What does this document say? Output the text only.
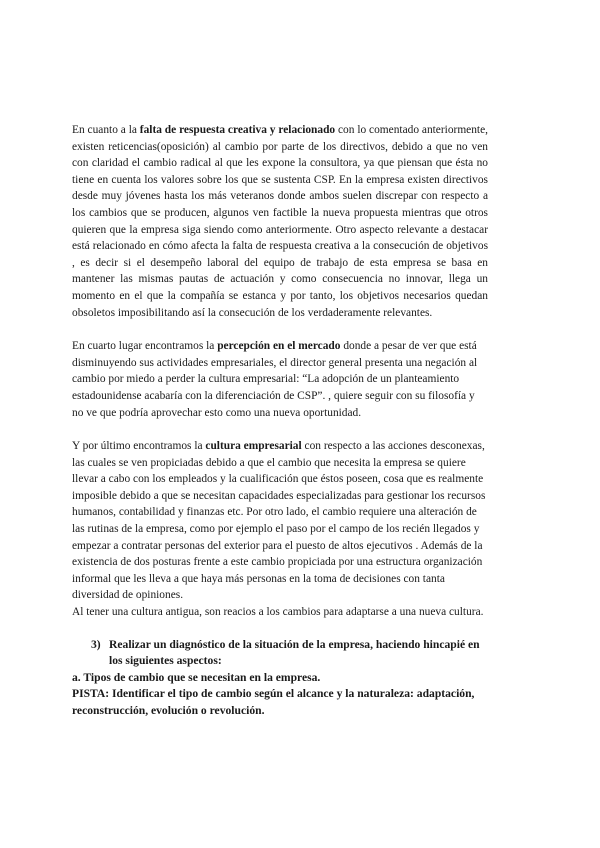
En cuanto a la falta de respuesta creativa y relacionado con lo comentado anteriormente, existen reticencias(oposición) al cambio por parte de los directivos, debido a que no ven con claridad el cambio radical al que les expone la consultora, ya que piensan que ésta no tiene en cuenta los valores sobre los que se sustenta CSP. En la empresa existen directivos desde muy jóvenes hasta los más veteranos donde ambos suelen discrepar con respecto a los cambios que se producen, algunos ven factible la nueva propuesta mientras que otros quieren que la empresa siga siendo como anteriormente. Otro aspecto relevante a destacar está relacionado en cómo afecta la falta de respuesta creativa a la consecución de objetivos , es decir si el desempeño laboral del equipo de trabajo de esta empresa se basa en mantener las mismas pautas de actuación y como consecuencia no innovar, llega un momento en el que la compañía se estanca y por tanto, los objetivos necesarios quedan obsoletos imposibilitando así la consecución de los verdaderamente relevantes.

En cuarto lugar encontramos la percepción en el mercado donde a pesar de ver que está disminuyendo sus actividades empresariales, el director general presenta una negación al cambio por miedo a perder la cultura empresarial: “La adopción de un planteamiento estadounidense acabaría con la diferenciación de CSP”. , quiere seguir con su filosofía y no ve que podría aprovechar esto como una nueva oportunidad.

Y por último encontramos la cultura empresarial con respecto a las acciones desconexas, las cuales se ven propiciadas debido a que el cambio que necesita la empresa se quiere llevar a cabo con los empleados y la cualificación que éstos poseen, cosa que es realmente imposible debido a que se necesitan capacidades especializadas para gestionar los recursos humanos, contabilidad y finanzas etc. Por otro lado, el cambio requiere una alteración de las rutinas de la empresa, como por ejemplo el paso por el campo de los recién llegados y empezar a contratar personas del exterior para el puesto de altos ejecutivos . Además de la existencia de dos posturas frente a este cambio propiciada por una estructura organización informal que les lleva a que haya más personas en la toma de decisiones con tanta diversidad de opiniones.

Al tener una cultura antigua, son reacios a los cambios para adaptarse a una nueva cultura.

3) Realizar un diagnóstico de la situación de la empresa, haciendo hincapié en los siguientes aspectos:

a. Tipos de cambio que se necesitan en la empresa.

PISTA: Identificar el tipo de cambio según el alcance y la naturaleza: adaptación, reconstrucción, evolución o revolución.
